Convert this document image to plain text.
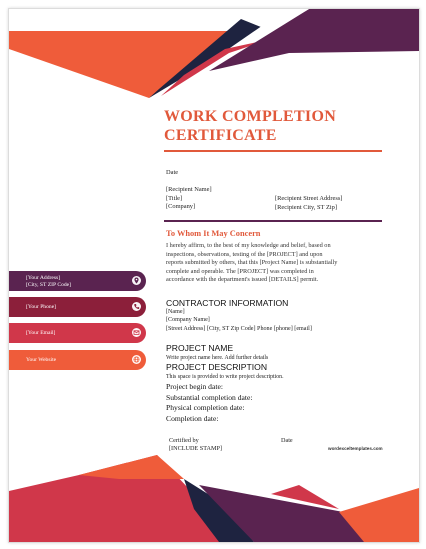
WORK COMPLETION
CERTIFICATE

Date

[Recipient Name]
[Title]
[Company]
[Recipient Street Address]
[Recipient City, ST Zip]

To Whom It May Concern

I hereby affirm, to the best of my knowledge and belief, based on
inspections, observations, testing of the [PROJECT] and upon
reports submitted by others, that this [Project Name] is substantially
complete and operable. The [PROJECT] was completed in
accordance with the department's issued [DETAILS] permit.

CONTRACTOR INFORMATION

[Name]
[Company Name]
[Street Address] [City, ST Zip Code] Phone [phone] [email]

PROJECT NAME

Write project name here. Add further details

PROJECT DESCRIPTION

This space is provided to write project description.

Project begin date:
Substantial completion date:
Physical completion date:
Completion date:
Certified by
[INCLUDE STAMP]

Date

wordexceltemplates.com
[Your Address]
[City, ST ZIP Code]
[Your Phone]
[Your Email]
Your Website
